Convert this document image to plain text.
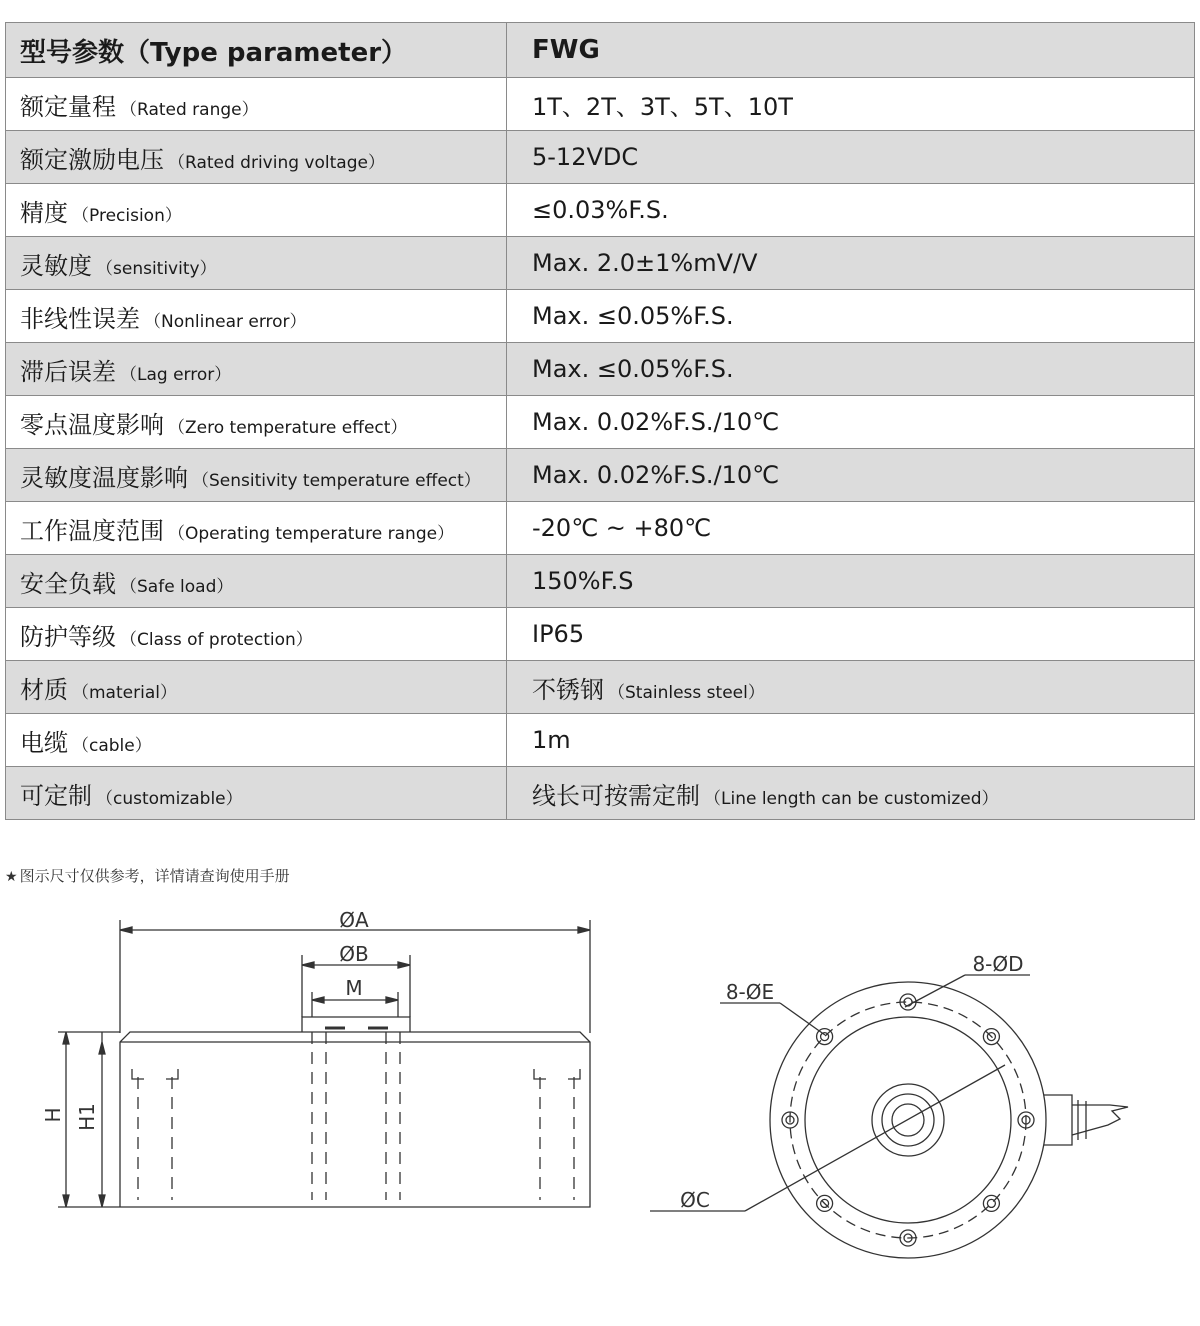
型号参数（Type parameter）	FWG
额定量程 （Rated range）	1T、2T、3T、5T、10T
额定激励电压 （Rated driving voltage）	5-12VDC
精度 （Precision）	≤0.03%F.S.
灵敏度 （sensitivity）	Max. 2.0±1%mV/V
非线性误差 （Nonlinear error）	Max. ≤0.05%F.S.
滞后误差 （Lag error）	Max. ≤0.05%F.S.
零点温度影响 （Zero temperature effect）	Max. 0.02%F.S./10℃
灵敏度温度影响 （Sensitivity temperature effect）	Max. 0.02%F.S./10℃
工作温度范围 （Operating temperature range）	-20℃ ~ +80℃
安全负载 （Safe load）	150%F.S
防护等级 （Class of protection）	IP65
材质 （material）	不锈钢 （Stainless steel）
电缆 （cable）	1m
可定制 （customizable）	线长可按需定制 （Line length can be customized）
★ 图示尺寸仅供参考，详情请查询使用手册
ØA
ØB
M
H H1
8-ØD
8-ØE
ØC
